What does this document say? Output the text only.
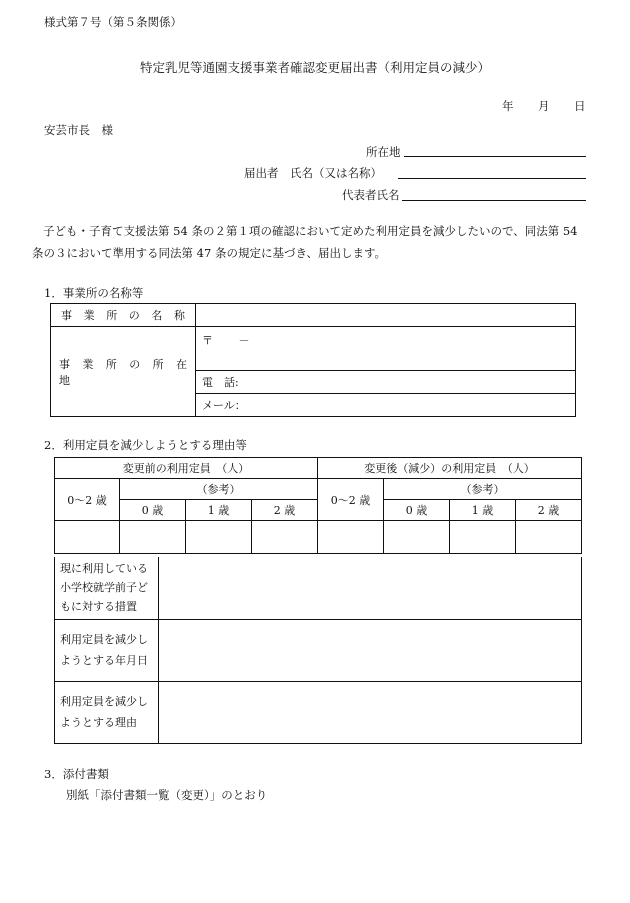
様式第７号（第５条関係）
特定乳児等通園支援事業者確認変更届出書（利用定員の減少）
年 月 日
安芸市長　様
所在地
届出者 氏名（又は名称）
代表者氏名
子ども・子育て支援法第 54 条の２第１項の確認において定めた利用定員を減少したいので、同法第 54 条の３において準用する同法第 47 条の規定に基づき、届出します。
1．事業所の名称等
事　業　所　の　名　称	

事　業　所　の　所　在　地	〒　　 －
	電　話:
	メール：
2．利用定員を減少しようとする理由等
変更前の利用定員　（人）				変更後（減少）の利用定員　（人）			
0～2 歳	（参考）			0～2 歳	（参考）		
	0 歳	1 歳	2 歳		0 歳	1 歳	2 歳

現に利用している小学校就学前子どもに対する措置	

利用定員を減少しようとする年月日	

利用定員を減少しようとする理由	

3．添付書類
別紙「添付書類一覧（変更）」のとおり
